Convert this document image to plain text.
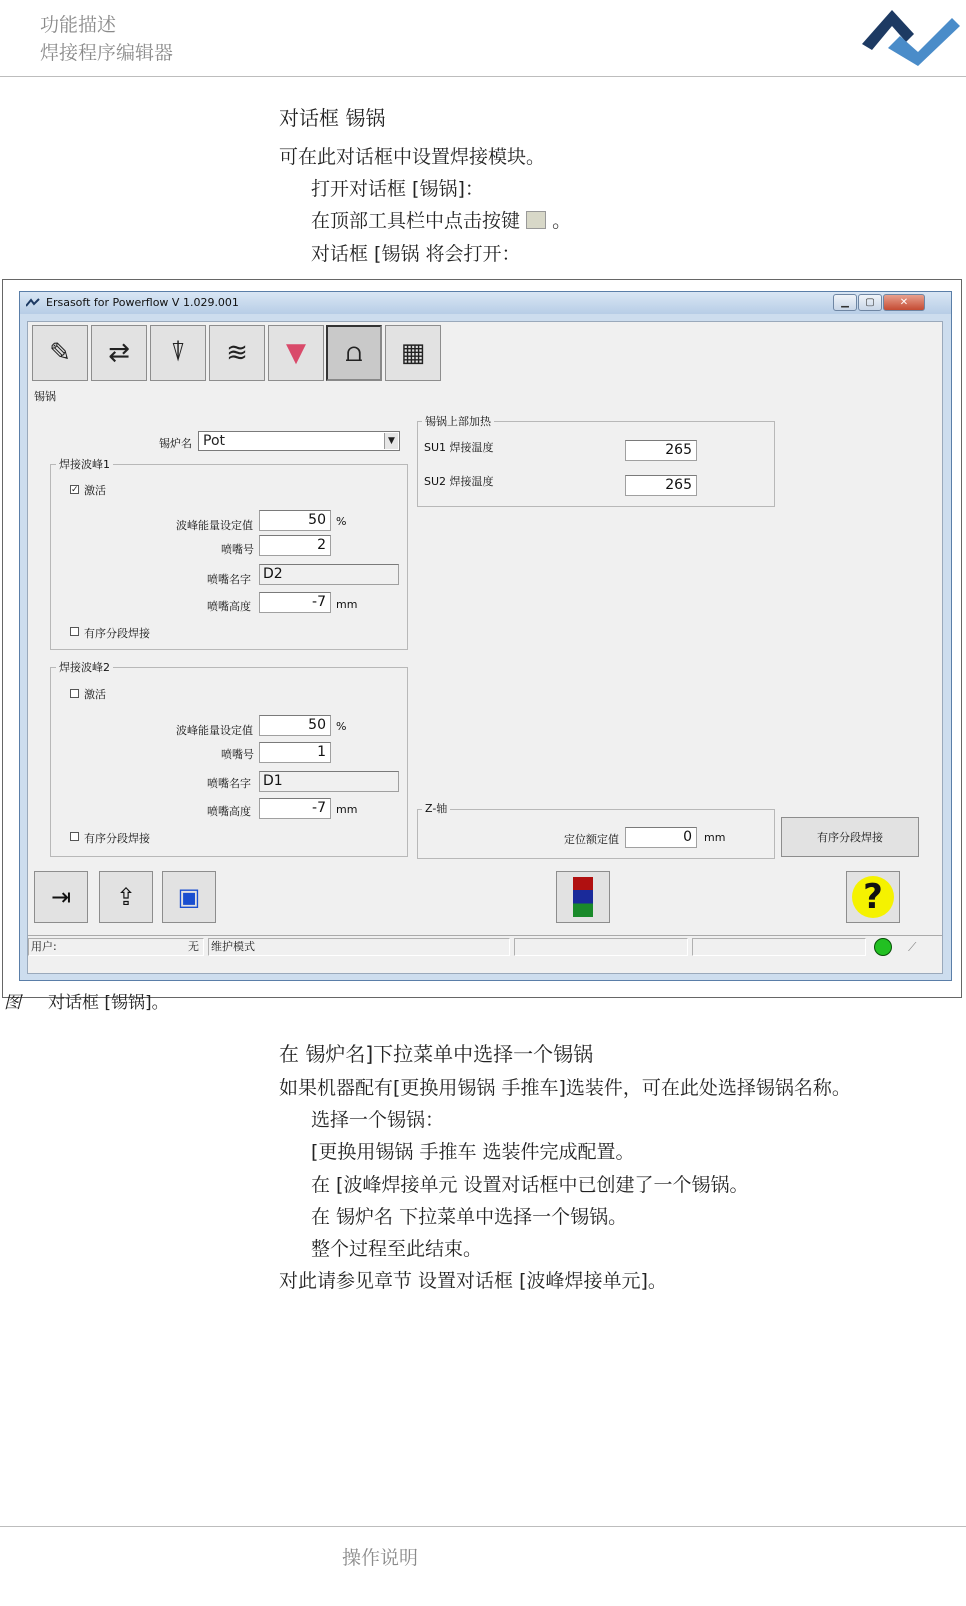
功能描述
焊接程序编辑器
对话框 锡锅
可在此对话框中设置焊接模块。
打开对话框 [锡锅]：
在顶部工具栏中点击按键 。
对话框 [锡锅 将会打开：
Ersasoft for Powerflow V 1.029.001	▁	▢	✕
✎ ⇄ ⍒ ≋ ▼ ⩍ ▦
锡锅
锡炉名 Pot	▼
焊接波峰1
✓ 激活
波峰能量设定值	50 %
喷嘴号	2
喷嘴名字 D2
喷嘴高度	-7 mm
有序分段焊接
焊接波峰2
激活
波峰能量设定值	50 %
喷嘴号	1
喷嘴名字 D1
喷嘴高度	-7 mm
有序分段焊接
锡锅上部加热
SU1 焊接温度	265
SU2 焊接温度	265
Z-轴
定位额定值	0	mm	有序分段焊接
⇥ ⇪ ▣	?
用户:	无	维护模式	⟋
图 对话框 [锡锅]。
在 锡炉名]下拉菜单中选择一个锡锅
如果机器配有[更换用锡锅 手推车]选装件，可在此处选择锡锅名称。
选择一个锡锅：
[更换用锡锅 手推车 选装件完成配置。
在 [波峰焊接单元 设置对话框中已创建了一个锡锅。
在 锡炉名 下拉菜单中选择一个锡锅。
整个过程至此结束。
对此请参见章节 设置对话框 [波峰焊接单元]。
操作说明
